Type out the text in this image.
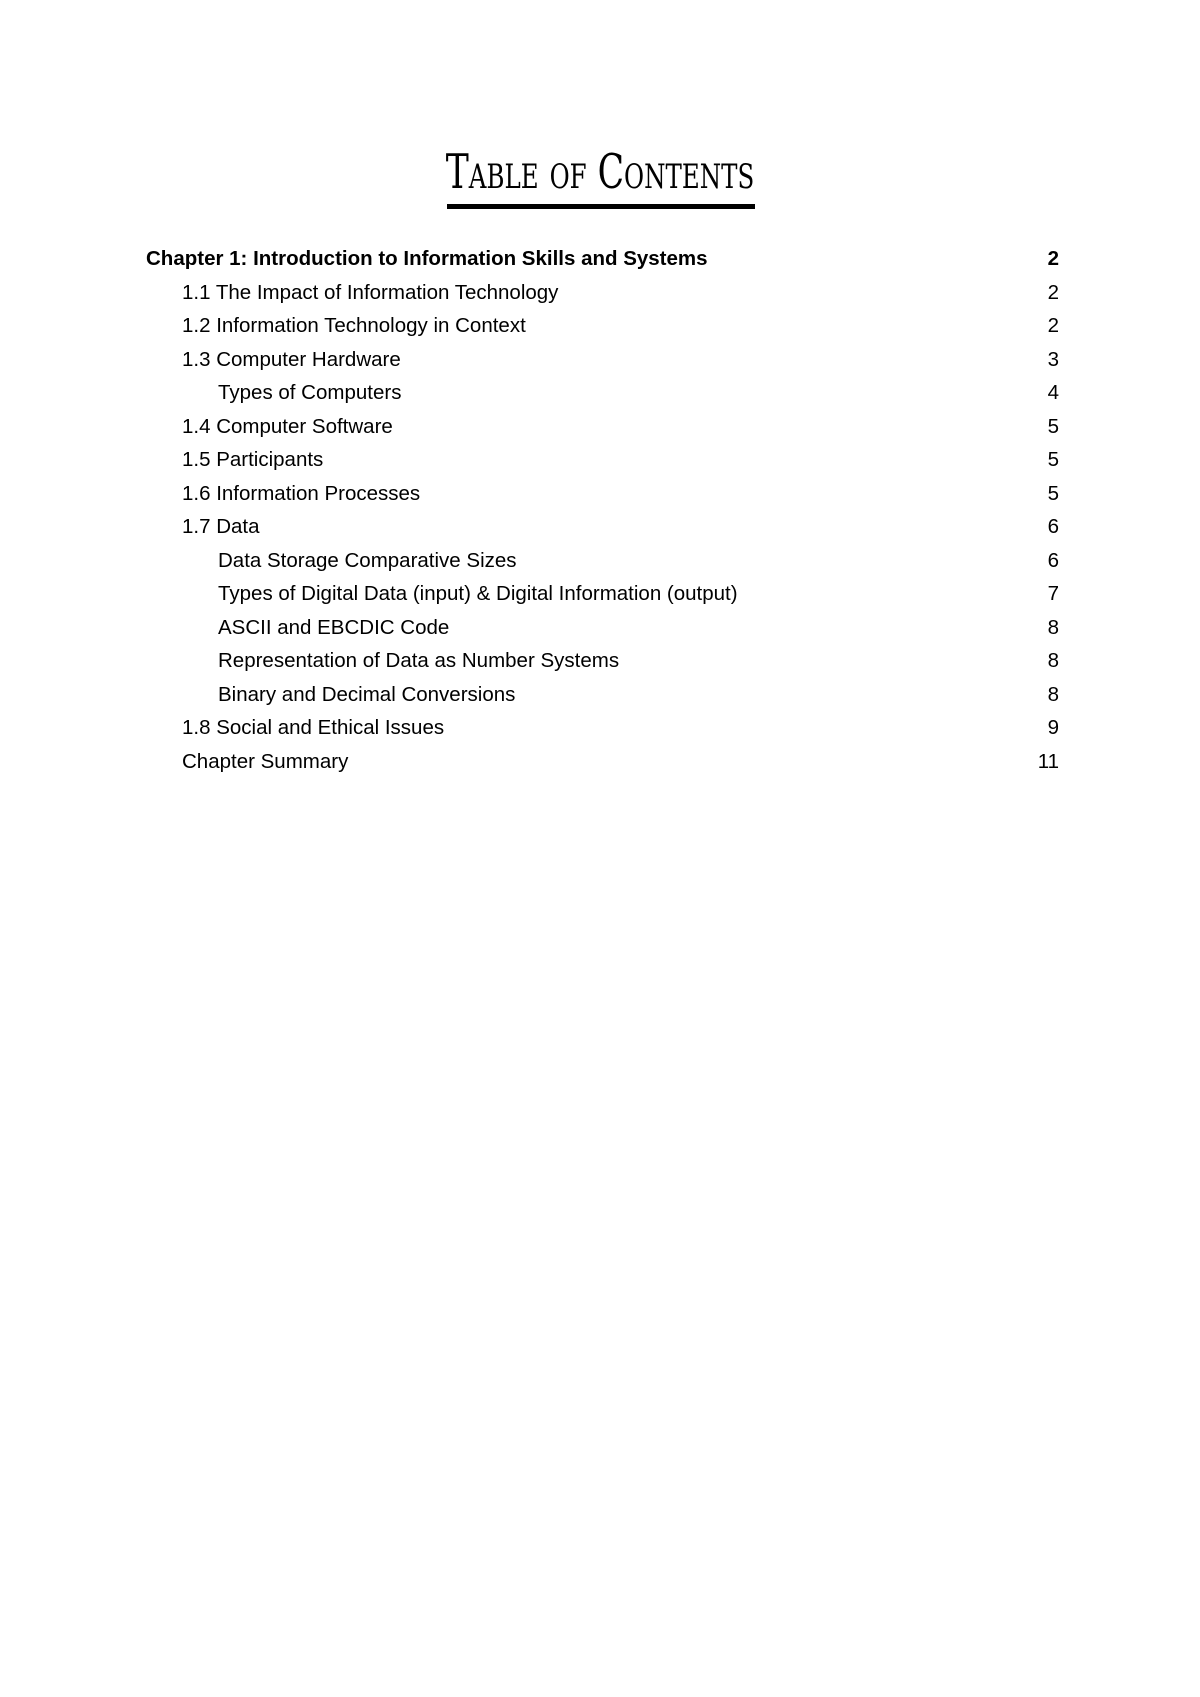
Table of Contents
Chapter 1: Introduction to Information Skills and Systems	2
1.1 The Impact of Information Technology	2
1.2 Information Technology in Context	2
1.3 Computer Hardware	3
Types of Computers	4
1.4 Computer Software	5
1.5 Participants	5
1.6 Information Processes	5
1.7 Data	6
Data Storage Comparative Sizes	6
Types of Digital Data (input) & Digital Information (output)	7
ASCII and EBCDIC Code	8
Representation of Data as Number Systems	8
Binary and Decimal Conversions	8
1.8 Social and Ethical Issues	9
Chapter Summary	11
